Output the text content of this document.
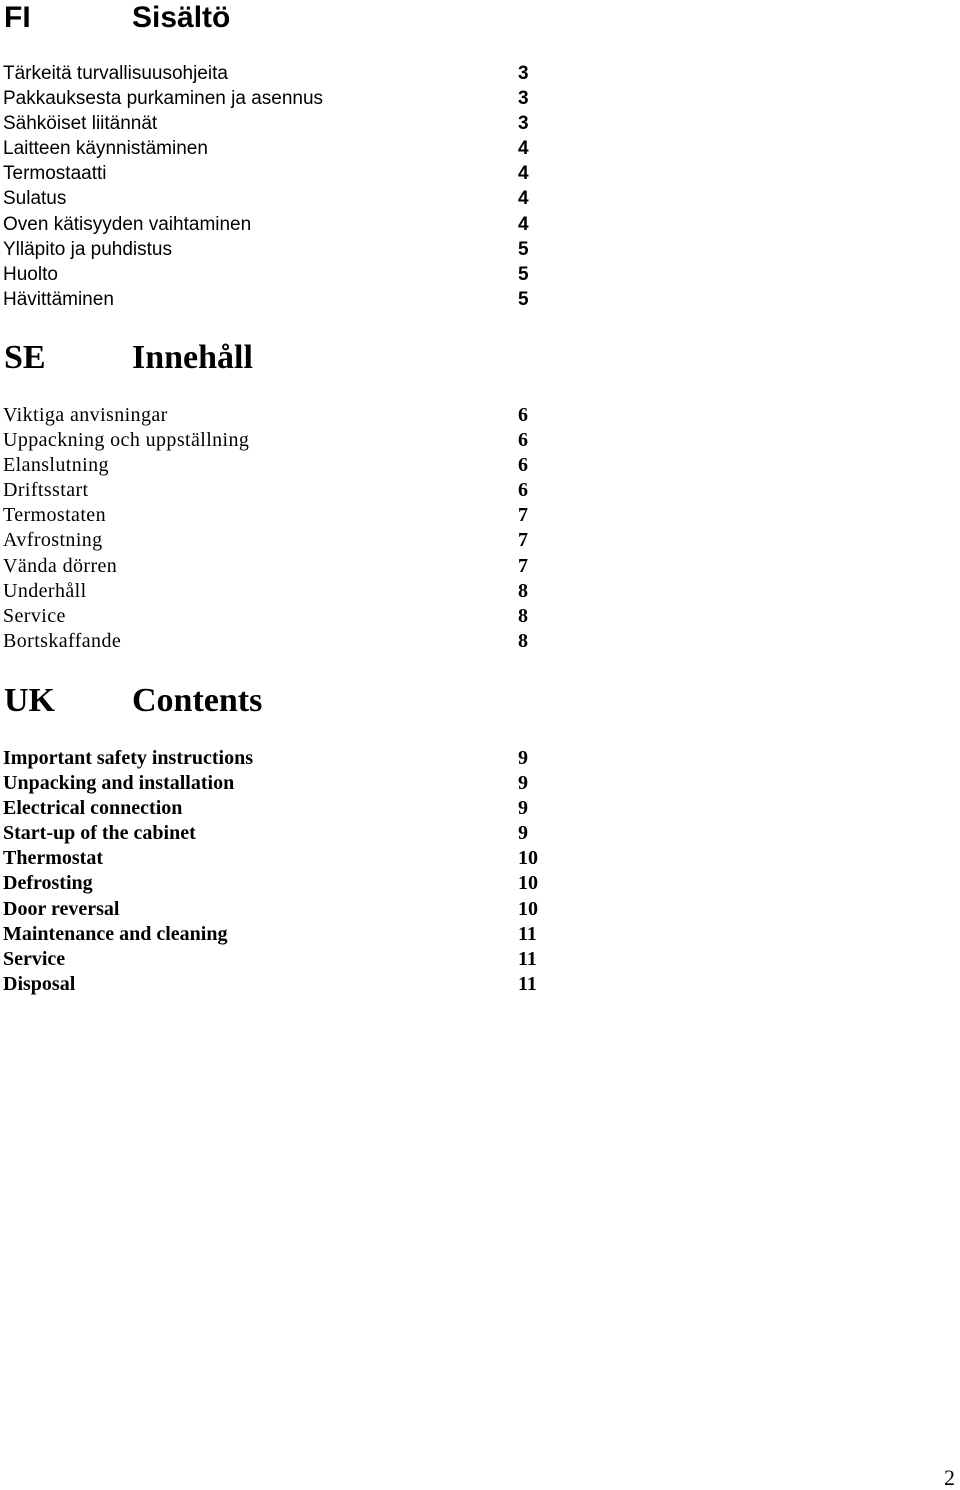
FI	Sisältö
Tärkeitä turvallisuusohjeita	3
Pakkauksesta purkaminen ja asennus	3
Sähköiset liitännät	3
Laitteen käynnistäminen	4
Termostaatti	4
Sulatus	4
Oven kätisyyden vaihtaminen	4
Ylläpito ja puhdistus	5
Huolto	5
Hävittäminen	5
SE	Innehåll
Viktiga anvisningar	6
Uppackning och uppställning	6
Elanslutning	6
Driftsstart	6
Termostaten	7
Avfrostning	7
Vända dörren	7
Underhåll	8
Service	8
Bortskaffande	8
UK Contents
Important safety instructions	9
Unpacking and installation	9
Electrical connection	9
Start-up of the cabinet	9
Thermostat	10
Defrosting	10
Door reversal	10
Maintenance and cleaning	11
Service	11
Disposal	11
2
